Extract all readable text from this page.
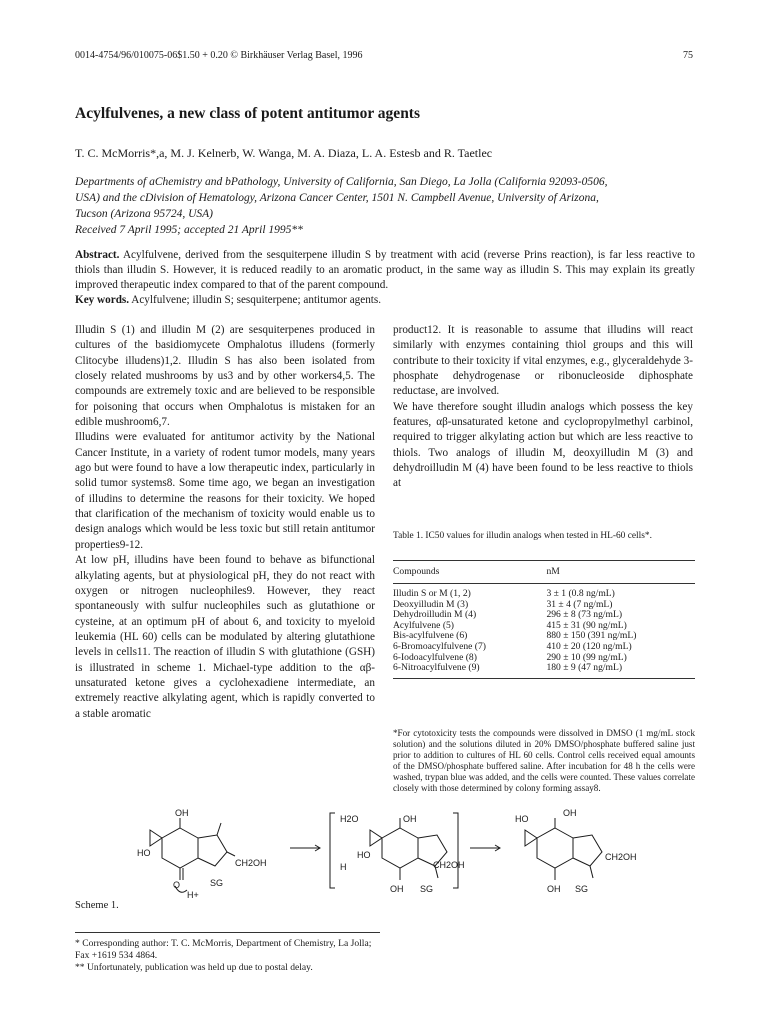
0014-4754/96/010075-06$1.50 + 0.20 © Birkhäuser Verlag Basel, 1996	75
Acylfulvenes, a new class of potent antitumor agents
T. C. McMorris*,a, M. J. Kelnerb, W. Wanga, M. A. Diaza, L. A. Estesb and R. Taetlec
Departments of aChemistry and bPathology, University of California, San Diego, La Jolla (California 92093-0506,
USA) and the cDivision of Hematology, Arizona Cancer Center, 1501 N. Campbell Avenue, University of Arizona,
Tucson (Arizona 95724, USA)
Received 7 April 1995; accepted 21 April 1995**
Abstract. Acylfulvene, derived from the sesquiterpene illudin S by treatment with acid (reverse Prins reaction), is far less reactive to thiols than illudin S. However, it is reduced readily to an aromatic product, in the same way as illudin S. This may explain its greatly improved therapeutic index compared to that of the parent compound.
Key words. Acylfulvene; illudin S; sesquiterpene; antitumor agents.

Illudin S (1) and illudin M (2) are sesquiterpenes produced in cultures of the basidiomycete Omphalotus illudens (formerly Clitocybe illudens)1,2. Illudin S has also been isolated from closely related mushrooms by us3 and by other workers4,5. The compounds are extremely toxic and are believed to be responsible for poisoning that occurs when Omphalotus is mistaken for an edible mushroom6,7.

Illudins were evaluated for antitumor activity by the National Cancer Institute, in a variety of rodent tumor models, many years ago but were found to have a low therapeutic index, particularly in solid tumor systems8. Some time ago, we began an investigation of illudins to determine the reasons for their toxicity. We hoped that clarification of the mechanism of toxicity would enable us to design analogs which would be less toxic but still retain antitumor properties9-12.

At low pH, illudins have been found to behave as bifunctional alkylating agents, but at physiological pH, they do not react with oxygen or nitrogen nucleophiles9. However, they react spontaneously with sulfur nucleophiles such as glutathione or cysteine, at an optimum pH of about 6, and toxicity to myeloid leukemia (HL 60) cells can be modulated by altering glutathione levels in cells11. The reaction of illudin S with glutathione (GSH) is illustrated in scheme 1. Michael-type addition to the αβ-unsaturated ketone gives a cyclohexadiene intermediate, an extremely reactive alkylating agent, which is rapidly converted to a stable aromatic

product12. It is reasonable to assume that illudins will react similarly with enzymes containing thiol groups and this will contribute to their toxicity if vital enzymes, e.g., glyceraldehyde 3-phosphate dehydrogenase or ribonucleoside diphosphate reductase, are involved.

We have therefore sought illudin analogs which possess the key features, αβ-unsaturated ketone and cyclopropylmethyl carbinol, required to trigger alkylating action but which are less reactive to thiols. Two analogs of illudin M, deoxyilludin M (3) and dehydroilludin M (4) have been found to be less reactive to thiols at

Table 1. IC50 values for illudin analogs when tested in HL-60 cells*.
Compounds	nM
Illudin S or M (1, 2)	3 ± 1 (0.8 ng/mL)
Deoxyilludin M (3)	31 ± 4 (7 ng/mL)
Dehydroilludin M (4)	296 ± 8 (73 ng/mL)
Acylfulvene (5)	415 ± 31 (90 ng/mL)
Bis-acylfulvene (6)	880 ± 150 (391 ng/mL)
6-Bromoacylfulvene (7)	410 ± 20 (120 ng/mL)
6-Iodoacylfulvene (8)	290 ± 10 (99 ng/mL)
6-Nitroacylfulvene (9)	180 ± 9 (47 ng/mL)
*For cytotoxicity tests the compounds were dissolved in DMSO (1 mg/mL stock solution) and the solutions diluted in 20% DMSO/phosphate buffered saline just prior to addition to cultures of HL 60 cells. Control cells received equal amounts of the DMSO/phosphate buffered saline. After incubation for 48 h the cells were washed, trypan blue was added, and the cells were counted. These values correlate closely with those determined by colony forming assay8.
OH
HO
CH2OH
O	SG
H+
H2O	OH
HO
H	CH2OH
OH SG
HO
OH
CH2OH
OH SG
Scheme 1.
* Corresponding author: T. C. McMorris, Department of Chemistry, La Jolla; Fax +1619 534 4864.
** Unfortunately, publication was held up due to postal delay.
